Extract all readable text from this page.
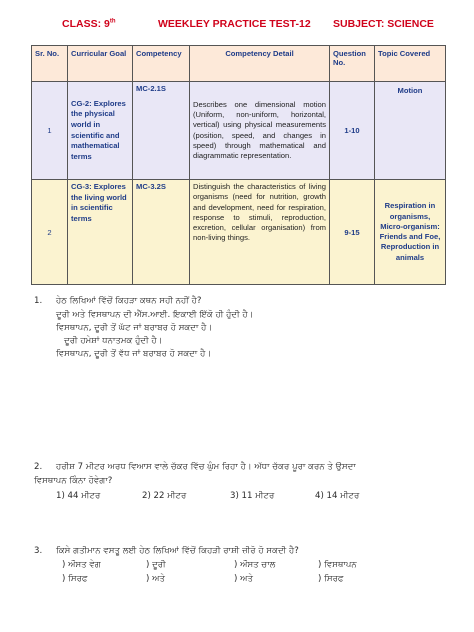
CLASS: 9th	WEEKLEY PRACTICE TEST-12 SUBJECT: SCIENCE
Sr. No.	Curricular Goal	Competency	Competency Detail	Question No.	Topic Covered
1	CG-2: Explores the physical world in scientific and mathematical terms	MC-2.1S	Describes one dimensional motion (Uniform, non-uniform, horizontal, vertical) using physical measurements (position, speed, and changes in speed) through mathematical and diagrammatic representation.	1-10	Motion
2	CG-3: Explores the living world in scientific terms	MC-3.2S	Distinguish the characteristics of living organisms (need for nutrition, growth and development, need for respiration, response to stimuli, reproduction, excretion, cellular organisation) from non-living things.	9-15	Respiration in organisms, Micro-organism: Friends and Foe, Reproduction in animals
1. ਹੇਠ ਲਿਖਿਆਂ ਵਿੱਚੋਂ ਕਿਹੜਾ ਕਥਨ ਸਹੀ ਨਹੀਂ ਹੈ?
ਦੂਰੀ ਅਤੇ ਵਿਸਥਾਪਨ ਦੀ ਐੱਸ.ਆਈ. ਇਕਾਈ ਇੱਕੋ ਹੀ ਹੁੰਦੀ ਹੈ।
ਵਿਸਥਾਪਨ, ਦੂਰੀ ਤੋਂ ਘੱਟ ਜਾਂ ਬਰਾਬਰ ਹੋ ਸਕਦਾ ਹੈ।
ਦੂਰੀ ਹਮੇਸ਼ਾਂ ਧਨਾਤਮਕ ਹੁੰਦੀ ਹੈ।
ਵਿਸਥਾਪਨ, ਦੂਰੀ ਤੋਂ ਵੱਧ ਜਾਂ ਬਰਾਬਰ ਹੋ ਸਕਦਾ ਹੈ।
2. ਹਰੀਸ਼ 7 ਮੀਟਰ ਅਰਧ ਵਿਆਸ ਵਾਲੇ ਚੱਕਰ ਵਿੱਚ ਘੁੰਮ ਰਿਹਾ ਹੈ। ਅੱਧਾ ਚੱਕਰ ਪੂਰਾ ਕਰਨ ਤੇ ਉਸਦਾ
ਵਿਸਥਾਪਨ ਕਿੰਨਾ ਹੋਵੇਗਾ?
1) 44 ਮੀਟਰ	2) 22 ਮੀਟਰ	3) 11 ਮੀਟਰ	4) 14 ਮੀਟਰ
3. ਕਿਸੇ ਗਤੀਮਾਨ ਵਸਤੂ ਲਈ ਹੇਠ ਲਿਖਿਆਂ ਵਿੱਚੋਂ ਕਿਹੜੀ ਰਾਸ਼ੀ ਜ਼ੀਰੋ ਹੋ ਸਕਦੀ ਹੈ?
) ਔਸਤ ਵੇਗ	) ਦੂਰੀ	) ਔਸਤ ਚਾਲ	) ਵਿਸਥਾਪਨ
) ਸਿਰਫ	) ਅਤੇ	) ਅਤੇ	) ਸਿਰਫ
